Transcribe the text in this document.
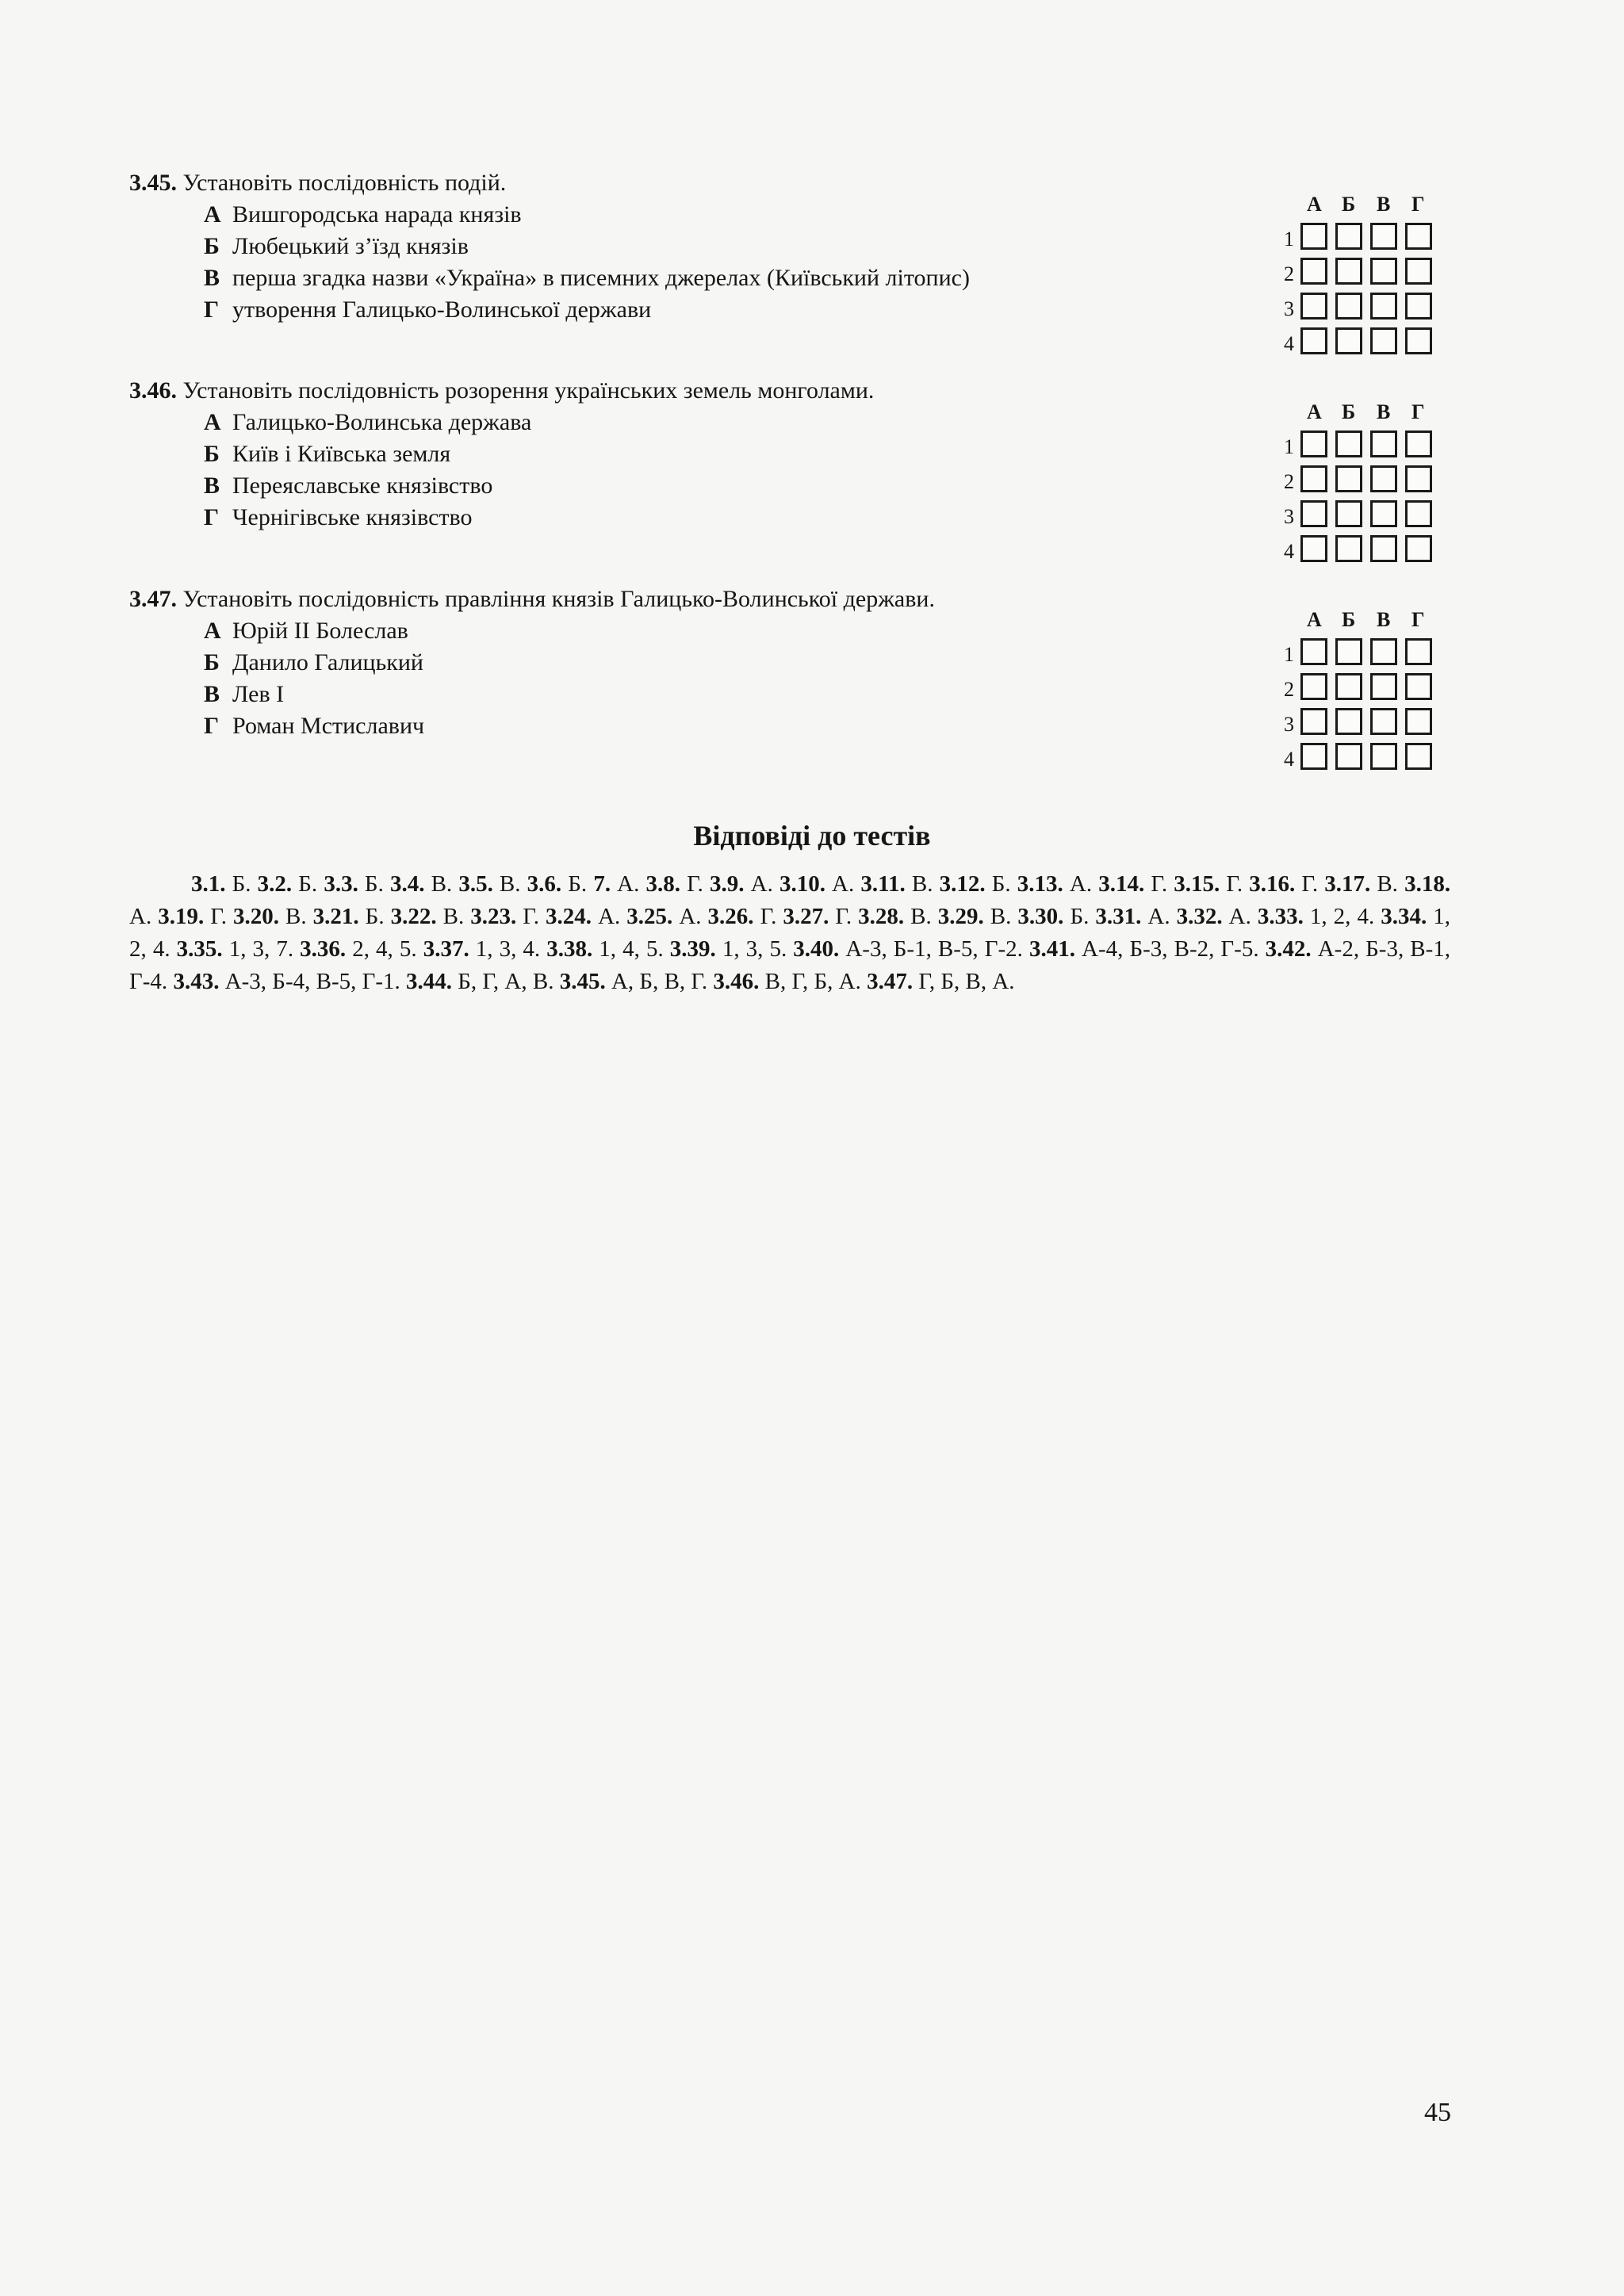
3.45. Установіть послідовність подій.
А Вишгородська нарада князів
Б Любецький з’їзд князів
В перша згадка назви «Україна» в писемних джерелах (Київський літопис)
Г утворення Галицько-Волинської держави
3.46. Установіть послідовність розорення українських земель монголами.
А Галицько-Волинська держава
Б Київ і Київська земля
В Переяславське князівство
Г Чернігівське князівство
3.47. Установіть послідовність правління князів Галицько-Волинської держави.
А Юрій II Болеслав
Б Данило Галицький
В Лев I
Г Роман Мстиславич
А Б В Г
1
2
3
4
А Б В Г
1
2
3
4
А Б В Г
1
2
3
4
Відповіді до тестів
3.1. Б. 3.2. Б. 3.3. Б. 3.4. В. 3.5. В. 3.6. Б. 7. А. 3.8. Г. 3.9. А. 3.10. А. 3.11. В. 3.12. Б. 3.13. А. 3.14. Г. 3.15. Г. 3.16. Г. 3.17. В. 3.18. А. 3.19. Г. 3.20. В. 3.21. Б. 3.22. В. 3.23. Г. 3.24. А. 3.25. А. 3.26. Г. 3.27. Г. 3.28. В. 3.29. В. 3.30. Б. 3.31. А. 3.32. А. 3.33. 1, 2, 4. 3.34. 1, 2, 4. 3.35. 1, 3, 7. 3.36. 2, 4, 5. 3.37. 1, 3, 4. 3.38. 1, 4, 5. 3.39. 1, 3, 5. 3.40. А-3, Б-1, В-5, Г-2. 3.41. А-4, Б-3, В-2, Г-5. 3.42. А-2, Б-3, В-1, Г-4. 3.43. А-3, Б-4, В-5, Г-1. 3.44. Б, Г, А, В. 3.45. А, Б, В, Г. 3.46. В, Г, Б, А. 3.47. Г, Б, В, А.
45
